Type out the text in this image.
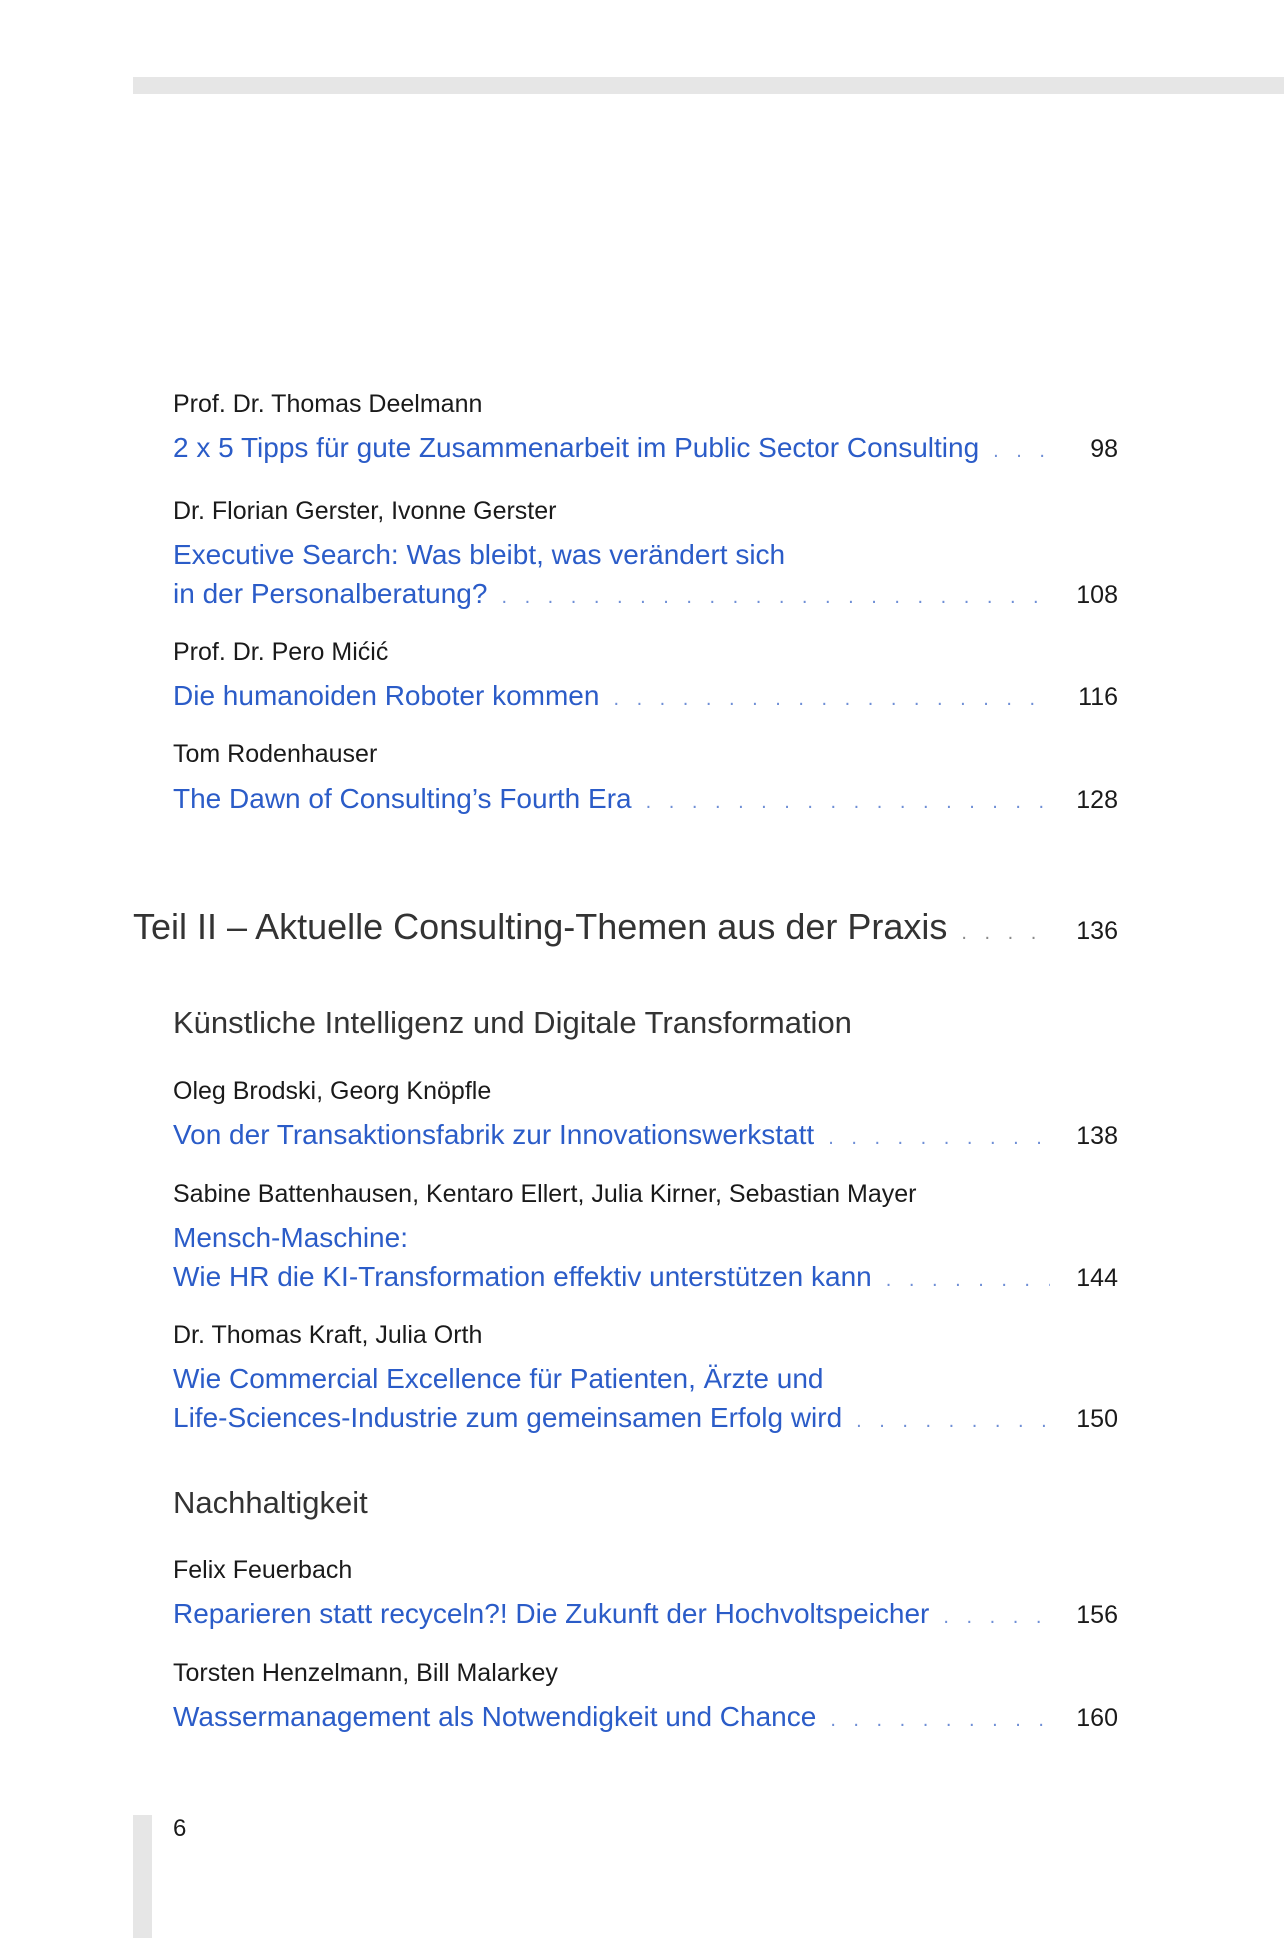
Prof. Dr. Thomas Deelmann
2 x 5 Tipps für gute Zusammenarbeit im Public Sector Consulting . . .	98
Dr. Florian Gerster, Ivonne Gerster
Executive Search: Was bleibt, was verändert sich
in der Personalberatung? . . .	108
Prof. Dr. Pero Mićić
Die humanoiden Roboter kommen . . .	116
Tom Rodenhauser
The Dawn of Consulting’s Fourth Era . . .	128
Teil II – Aktuelle Consulting-Themen aus der Praxis . . .	136
Künstliche Intelligenz und Digitale Transformation
Oleg Brodski, Georg Knöpfle
Von der Transaktionsfabrik zur Innovationswerkstatt . . .	138
Sabine Battenhausen, Kentaro Ellert, Julia Kirner, Sebastian Mayer
Mensch-Maschine:
Wie HR die KI-Transformation effektiv unterstützen kann . . .	144
Dr. Thomas Kraft, Julia Orth
Wie Commercial Excellence für Patienten, Ärzte und
Life-Sciences-Industrie zum gemeinsamen Erfolg wird . . .	150
Nachhaltigkeit
Felix Feuerbach
Reparieren statt recyceln?! Die Zukunft der Hochvoltspeicher . . .	156
Torsten Henzelmann, Bill Malarkey
Wassermanagement als Notwendigkeit und Chance . . .	160
6
